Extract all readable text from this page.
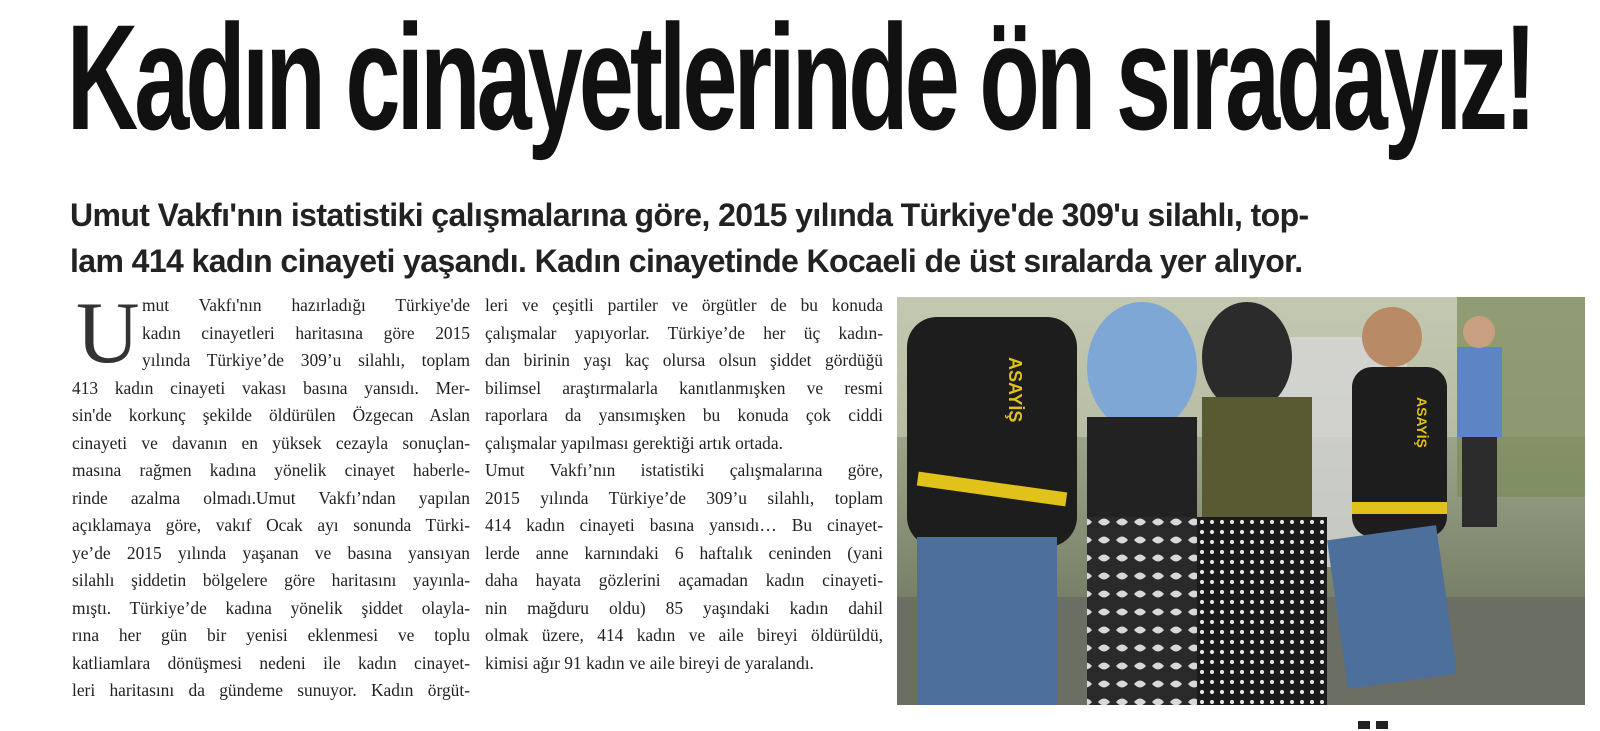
Kadın cinayetlerinde ön sıradayız!
Umut Vakfı'nın istatistiki çalışmalarına göre, 2015 yılında Türkiye'de 309'u silahlı, top-
lam 414 kadın cinayeti yaşandı. Kadın cinayetinde Kocaeli de üst sıralarda yer alıyor.
U mut Vakfı'nın hazırladığı Türkiye'de
kadın cinayetleri haritasına göre 2015
yılında Türkiye’de 309’u silahlı, toplam
413 kadın cinayeti vakası basına yansıdı. Mer-
sin'de korkunç şekilde öldürülen Özgecan Aslan
cinayeti ve davanın en yüksek cezayla sonuçlan-
masına rağmen kadına yönelik cinayet haberle-
rinde azalma olmadı.Umut Vakfı’ndan yapılan
açıklamaya göre, vakıf Ocak ayı sonunda Türki-
ye’de 2015 yılında yaşanan ve basına yansıyan
silahlı şiddetin bölgelere göre haritasını yayınla-
mıştı. Türkiye’de kadına yönelik şiddet olayla-
rına her gün bir yenisi eklenmesi ve toplu
katliamlara dönüşmesi nedeni ile kadın cinayet-
leri haritasını da gündeme sunuyor. Kadın örgüt-
leri ve çeşitli partiler ve örgütler de bu konuda
çalışmalar yapıyorlar. Türkiye’de her üç kadın-
dan birinin yaşı kaç olursa olsun şiddet gördüğü
bilimsel araştırmalarla kanıtlanmışken ve resmi
raporlara da yansımışken bu konuda çok ciddi
çalışmalar yapılması gerektiği artık ortada.
Umut Vakfı’nın istatistiki çalışmalarına göre,
2015 yılında Türkiye’de 309’u silahlı, toplam
414 kadın cinayeti basına yansıdı… Bu cinayet-
lerde anne karnındaki 6 haftalık ceninden (yani
daha hayata gözlerini açamadan kadın cinayeti-
nin mağduru oldu) 85 yaşındaki kadın dahil
olmak üzere, 414 kadın ve aile bireyi öldürüldü,
kimisi ağır 91 kadın ve aile bireyi de yaralandı.
ASAYİŞ
ASAYİŞ
